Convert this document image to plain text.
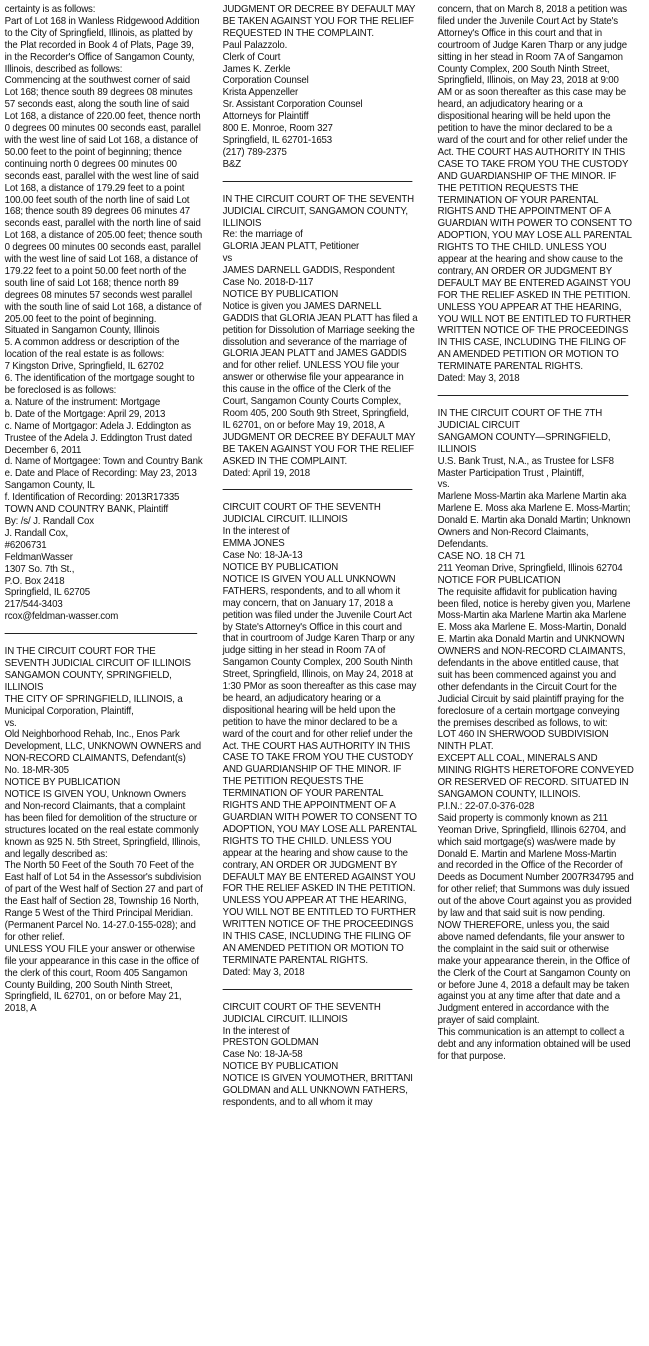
certainty is as follows:
Part of Lot 168 in Wanless Ridgewood Addition to the City of Springfield, Illinois, as platted by the Plat recorded in Book 4 of Plats, Page 39, in the Recorder's Office of Sangamon County, Illinois, described as follows:
Commencing at the southwest corner of said Lot 168; thence south 89 degrees 08 minutes 57 seconds east, along the south line of said Lot 168, a distance of 220.00 feet, thence north 0 degrees 00 minutes 00 seconds east, parallel with the west line of said Lot 168, a distance of 50.00 feet to the point of beginning; thence continuing north 0 degrees 00 minutes 00 seconds east, parallel with the west line of said Lot 168, a distance of 179.29 feet to a point 100.00 feet south of the north line of said Lot 168; thence south 89 degrees 06 minutes 47 seconds east, parallel with the north line of said Lot 168, a distance of 205.00 feet; thence south 0 degrees 00 minutes 00 seconds east, parallel with the west line of said Lot 168, a distance of 179.22 feet to a point 50.00 feet north of the south line of said Lot 168; thence north 89 degrees 08 minutes 57 seconds west parallel with the south line of said Lot 168, a distance of 205.00 feet to the point of beginning.
Situated in Sangamon County, Illinois
5. A common address or description of the location of the real estate is as follows:
7 Kingston Drive, Springfield, IL 62702
6. The identification of the mortgage sought to be foreclosed is as follows:
a. Nature of the instrument: Mortgage
b. Date of the Mortgage: April 29, 2013
c. Name of Mortgagor: Adela J. Eddington as Trustee of the Adela J. Eddington Trust dated December 6, 2011
d. Name of Mortgagee: Town and Country Bank
e. Date and Place of Recording: May 23, 2013
Sangamon County, IL
f. Identification of Recording: 2013R17335
TOWN AND COUNTRY BANK, Plaintiff
By: /s/ J. Randall Cox
J. Randall Cox,
#6206731
FeldmanWasser
1307 So. 7th St.,
P.O. Box 2418
Springfield, IL 62705
217/544-3403
rcox@feldman-wasser.com
IN THE CIRCUIT COURT FOR THE SEVENTH JUDICIAL CIRCUIT OF ILLINOIS SANGAMON COUNTY, SPRINGFIELD, ILLINOIS
THE CITY OF SPRINGFIELD, ILLINOIS, a Municipal Corporation, Plaintiff,
vs.
Old Neighborhood Rehab, Inc., Enos Park Development, LLC, UNKNOWN OWNERS and NON-RECORD CLAIMANTS, Defendant(s)
No. 18-MR-305
NOTICE BY PUBLICATION
NOTICE IS GIVEN YOU, Unknown Owners and Non-record Claimants, that a complaint has been filed for demolition of the structure or structures located on the real estate commonly known as 925 N. 5th Street, Springfield, Illinois, and legally described as:
The North 50 Feet of the South 70 Feet of the East half of Lot 54 in the Assessor's subdivision of part of the West half of Section 27 and part of the East half of Section 28, Township 16 North, Range 5 West of the Third Principal Meridian.
(Permanent Parcel No. 14-27.0-155-028); and for other relief.
UNLESS YOU FILE your answer or otherwise file your appearance in this case in the office of the clerk of this court, Room 405 Sangamon County Building, 200 South Ninth Street, Springfield, IL 62701, on or before May 21, 2018, A
JUDGMENT OR DECREE BY DEFAULT MAY BE TAKEN AGAINST YOU FOR THE RELIEF REQUESTED IN THE COMPLAINT.
Paul Palazzolo.
Clerk of Court
James K. Zerkle
Corporation Counsel
Krista Appenzeller
Sr. Assistant Corporation Counsel
Attorneys for Plaintiff
800 E. Monroe, Room 327
Springfield, IL 62701-1653
(217) 789-2375
B&Z
IN THE CIRCUIT COURT OF THE SEVENTH JUDICIAL CIRCUIT, SANGAMON COUNTY, ILLINOIS
Re: the marriage of
GLORIA JEAN PLATT, Petitioner
vs
JAMES DARNELL GADDIS, Respondent
Case No. 2018-D-117
NOTICE BY PUBLICATION
Notice is given you JAMES DARNELL GADDIS that GLORIA JEAN PLATT has filed a petition for Dissolution of Marriage seeking the dissolution and severance of the marriage of GLORIA JEAN PLATT and JAMES GADDIS and for other relief. UNLESS YOU file your answer or otherwise file your appearance in this cause in the office of the Clerk of the Court, Sangamon County Courts Complex, Room 405, 200 South 9th Street, Springfield, IL 62701, on or before May 19, 2018, A JUDGMENT OR DECREE BY DEFAULT MAY BE TAKEN AGAINST YOU FOR THE RELIEF ASKED IN THE COMPLAINT.
Dated: April 19, 2018
CIRCUIT COURT OF THE SEVENTH JUDICIAL CIRCUIT. ILLINOIS
In the interest of
EMMA JONES
Case No: 18-JA-13
NOTICE BY PUBLICATION
NOTICE IS GIVEN YOU ALL UNKNOWN FATHERS, respondents, and to all whom it may concern, that on January 17, 2018 a petition was filed under the Juvenile Court Act by State's Attorney's Office in this court and that in courtroom of Judge Karen Tharp or any judge sitting in her stead in Room 7A of Sangamon County Complex, 200 South Ninth Street, Springfield, Illinois, on May 24, 2018 at 1:30 PMor as soon thereafter as this case may be heard, an adjudicatory hearing or a dispositional hearing will be held upon the petition to have the minor declared to be a ward of the court and for other relief under the Act. THE COURT HAS AUTHORITY IN THIS CASE TO TAKE FROM YOU THE CUSTODY AND GUARDIANSHIP OF THE MINOR. IF THE PETITION REQUESTS THE TERMINATION OF YOUR PARENTAL RIGHTS AND THE APPOINTMENT OF A GUARDIAN WITH POWER TO CONSENT TO ADOPTION, YOU MAY LOSE ALL PARENTAL RIGHTS TO THE CHILD. UNLESS YOU appear at the hearing and show cause to the contrary, AN ORDER OR JUDGMENT BY DEFAULT MAY BE ENTERED AGAINST YOU FOR THE RELIEF ASKED IN THE PETITION. UNLESS YOU APPEAR AT THE HEARING, YOU WILL NOT BE ENTITLED TO FURTHER WRITTEN NOTICE OF THE PROCEEDINGS IN THIS CASE, INCLUDING THE FILING OF AN AMENDED PETITION OR MOTION TO TERMINATE PARENTAL RIGHTS.
Dated: May 3, 2018
CIRCUIT COURT OF THE SEVENTH JUDICIAL CIRCUIT. ILLINOIS
In the interest of
PRESTON GOLDMAN
Case No: 18-JA-58
NOTICE BY PUBLICATION
NOTICE IS GIVEN YOUMOTHER, BRITTANI GOLDMAN and ALL UNKNOWN FATHERS, respondents, and to all whom it may
concern, that on March 8, 2018 a petition was filed under the Juvenile Court Act by State's Attorney's Office in this court and that in courtroom of Judge Karen Tharp or any judge sitting in her stead in Room 7A of Sangamon County Complex, 200 South Ninth Street, Springfield, Illinois, on May 23, 2018 at 9:00 AM or as soon thereafter as this case may be heard, an adjudicatory hearing or a dispositional hearing will be held upon the petition to have the minor declared to be a ward of the court and for other relief under the Act. THE COURT HAS AUTHORITY IN THIS CASE TO TAKE FROM YOU THE CUSTODY AND GUARDIANSHIP OF THE MINOR. IF THE PETITION REQUESTS THE TERMINATION OF YOUR PARENTAL RIGHTS AND THE APPOINTMENT OF A GUARDIAN WITH POWER TO CONSENT TO ADOPTION, YOU MAY LOSE ALL PARENTAL RIGHTS TO THE CHILD. UNLESS YOU appear at the hearing and show cause to the contrary, AN ORDER OR JUDGMENT BY DEFAULT MAY BE ENTERED AGAINST YOU FOR THE RELIEF ASKED IN THE PETITION.
UNLESS YOU APPEAR AT THE HEARING, YOU WILL NOT BE ENTITLED TO FURTHER WRITTEN NOTICE OF THE PROCEEDINGS IN THIS CASE, INCLUDING THE FILING OF AN AMENDED PETITION OR MOTION TO TERMINATE PARENTAL RIGHTS.
Dated: May 3, 2018
IN THE CIRCUIT COURT OF THE 7TH JUDICIAL CIRCUIT
SANGAMON COUNTY—SPRINGFIELD, ILLINOIS
U.S. Bank Trust, N.A., as Trustee for LSF8 Master Participation Trust , Plaintiff,
vs.
Marlene Moss-Martin aka Marlene Martin aka Marlene E. Moss aka Marlene E. Moss-Martin; Donald E. Martin aka Donald Martin; Unknown Owners and Non-Record Claimants, Defendants.
CASE NO. 18 CH 71
211 Yeoman Drive, Springfield, Illinois 62704
NOTICE FOR PUBLICATION
The requisite affidavit for publication having been filed, notice is hereby given you, Marlene Moss-Martin aka Marlene Martin aka Marlene E. Moss aka Marlene E. Moss-Martin, Donald E. Martin aka Donald Martin and UNKNOWN OWNERS and NON-RECORD CLAIMANTS, defendants in the above entitled cause, that suit has been commenced against you and other defendants in the Circuit Court for the Judicial Circuit by said plaintiff praying for the foreclosure of a certain mortgage conveying the premises described as follows, to wit:
LOT 460 IN SHERWOOD SUBDIVISION NINTH PLAT.
EXCEPT ALL COAL, MINERALS AND MINING RIGHTS HERETOFORE CONVEYED OR RESERVED OF RECORD. SITUATED IN SANGAMON COUNTY, ILLINOIS.
P.I.N.: 22-07.0-376-028
Said property is commonly known as 211 Yeoman Drive, Springfield, Illinois 62704, and which said mortgage(s) was/were made by Donald E. Martin and Marlene Moss-Martin and recorded in the Office of the Recorder of Deeds as Document Number 2007R34795 and for other relief; that Summons was duly issued out of the above Court against you as provided by law and that said suit is now pending.
NOW THEREFORE, unless you, the said above named defendants, file your answer to the complaint in the said suit or otherwise make your appearance therein, in the Office of the Clerk of the Court at Sangamon County on or before June 4, 2018 a default may be taken against you at any time after that date and a Judgment entered in accordance with the prayer of said complaint.
This communication is an attempt to collect a debt and any information obtained will be used for that purpose.
